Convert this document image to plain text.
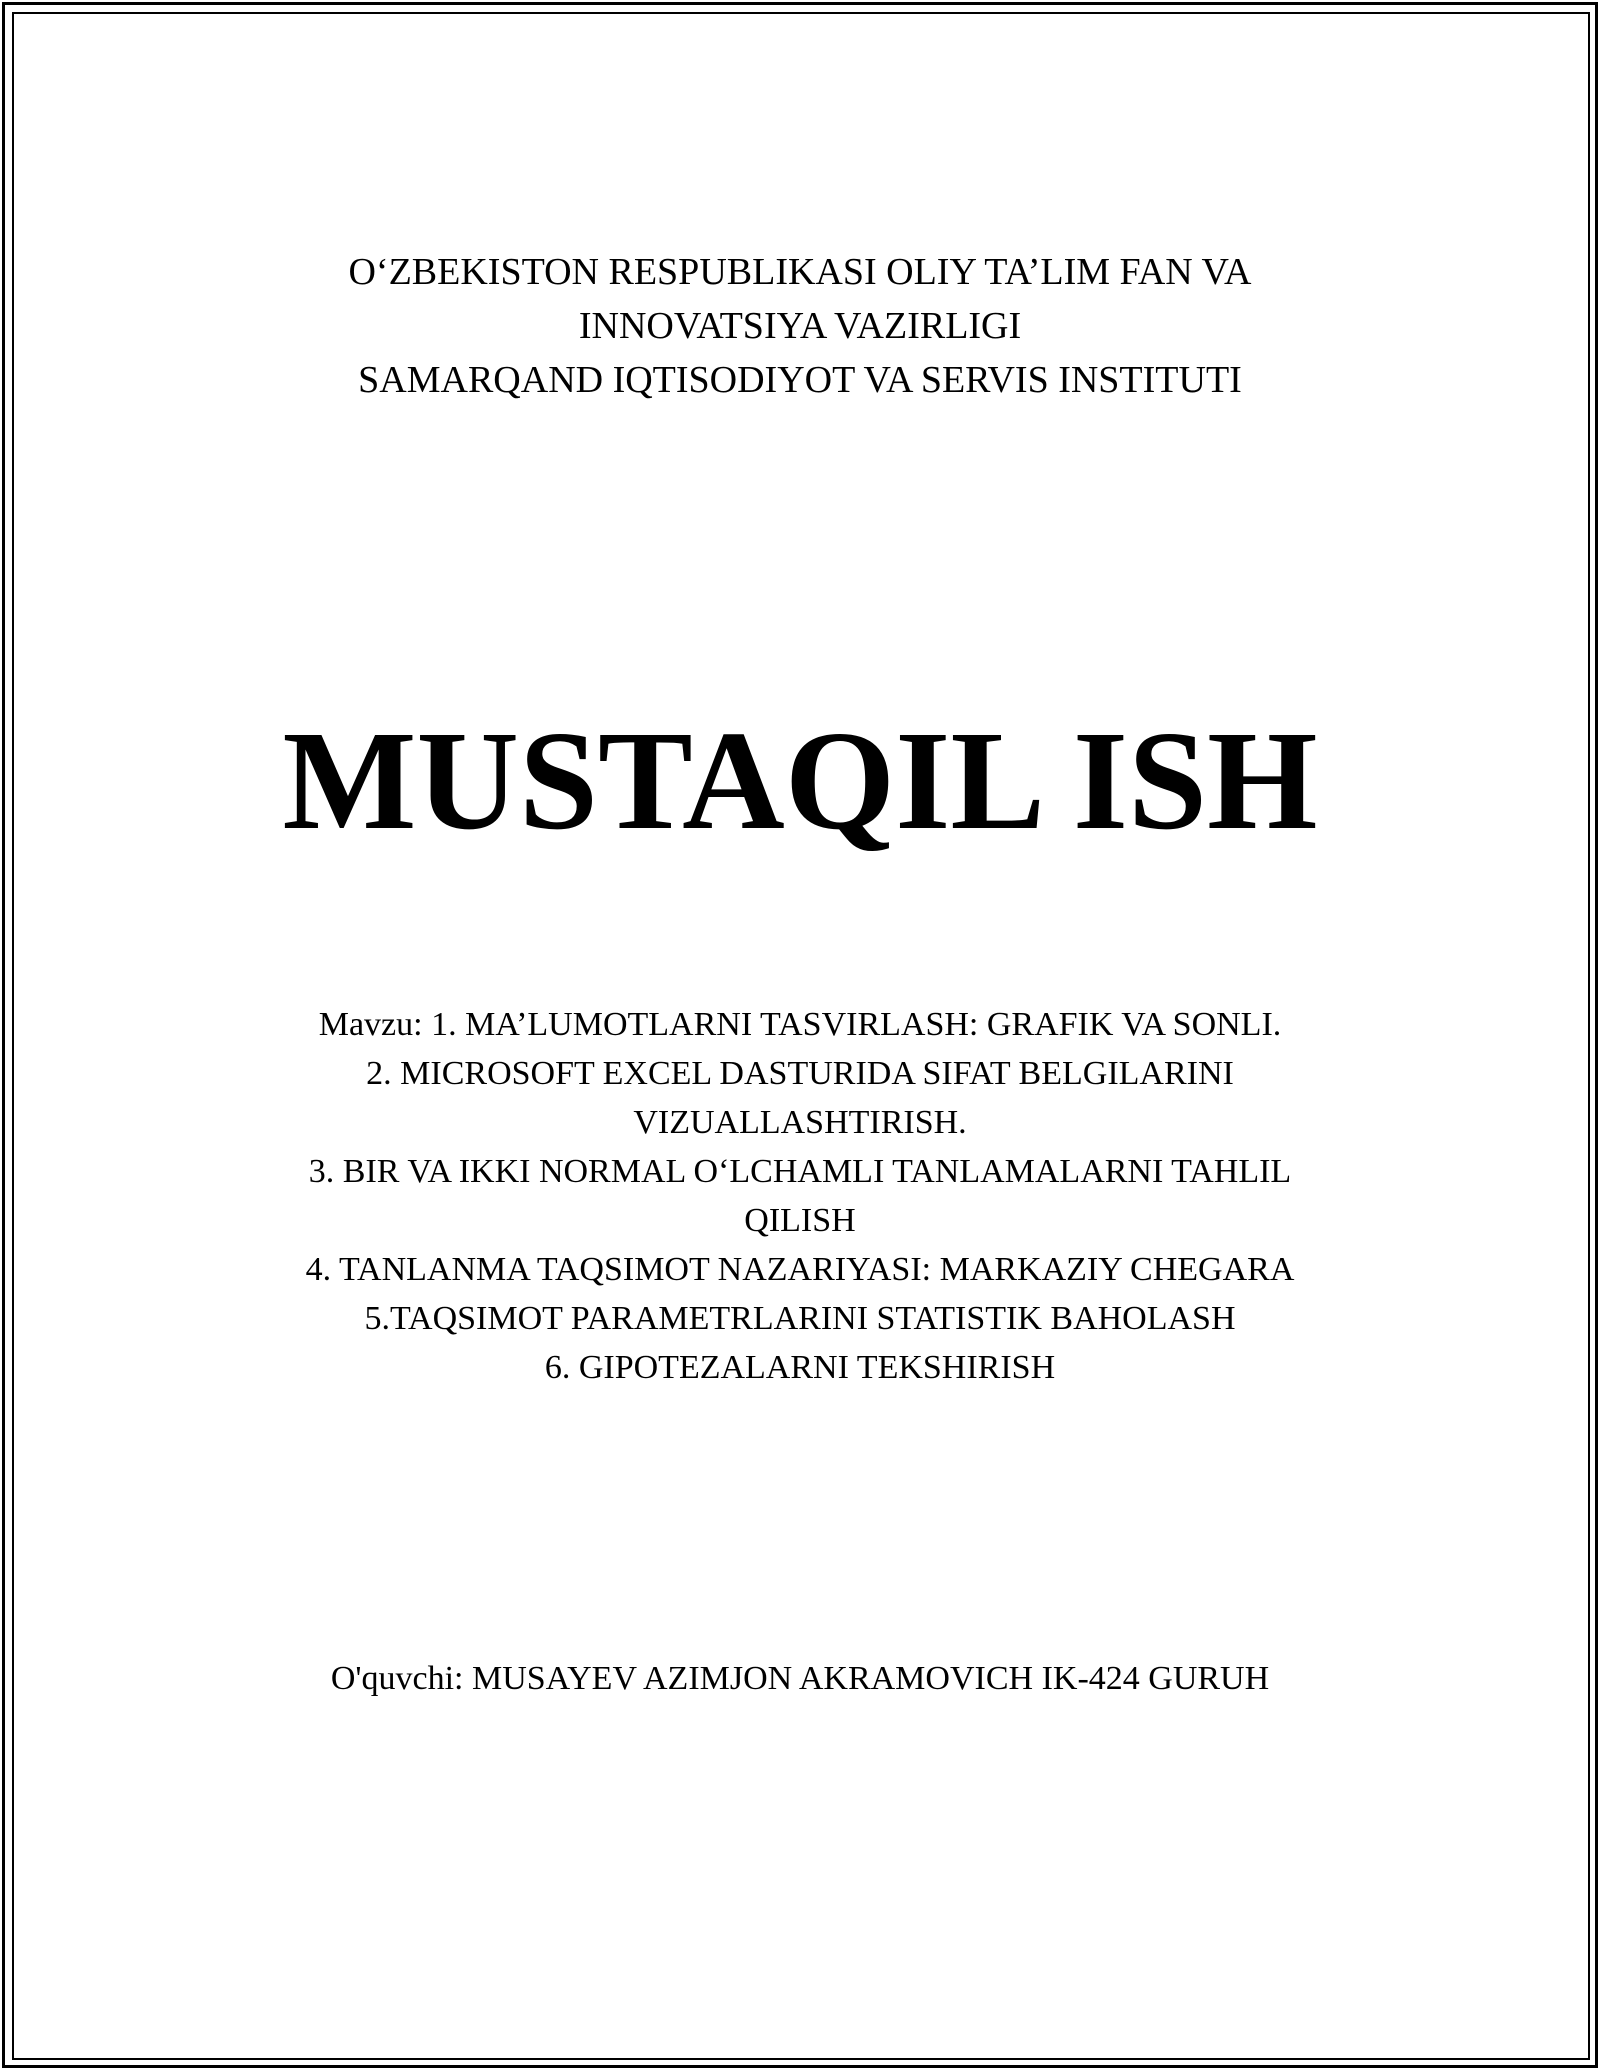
O‘ZBEKISTON RESPUBLIKASI OLIY TA’LIM FAN VA
INNOVATSIYA VAZIRLIGI
SAMARQAND IQTISODIYOT VA SERVIS INSTITUTI
MUSTAQIL ISH
Mavzu: 1. MA’LUMOTLARNI TASVIRLASH: GRAFIK VA SONLI.
2. MICROSOFT EXCEL DASTURIDA SIFAT BELGILARINI
VIZUALLASHTIRISH.
3. BIR VA IKKI NORMAL O‘LCHAMLI TANLAMALARNI TAHLIL
QILISH
4. TANLANMA TAQSIMOT NAZARIYASI: MARKAZIY CHEGARA
5.TAQSIMOT PARAMETRLARINI STATISTIK BAHOLASH
6. GIPOTEZALARNI TEKSHIRISH
O'quvchi: MUSAYEV AZIMJON AKRAMOVICH IK-424 GURUH
